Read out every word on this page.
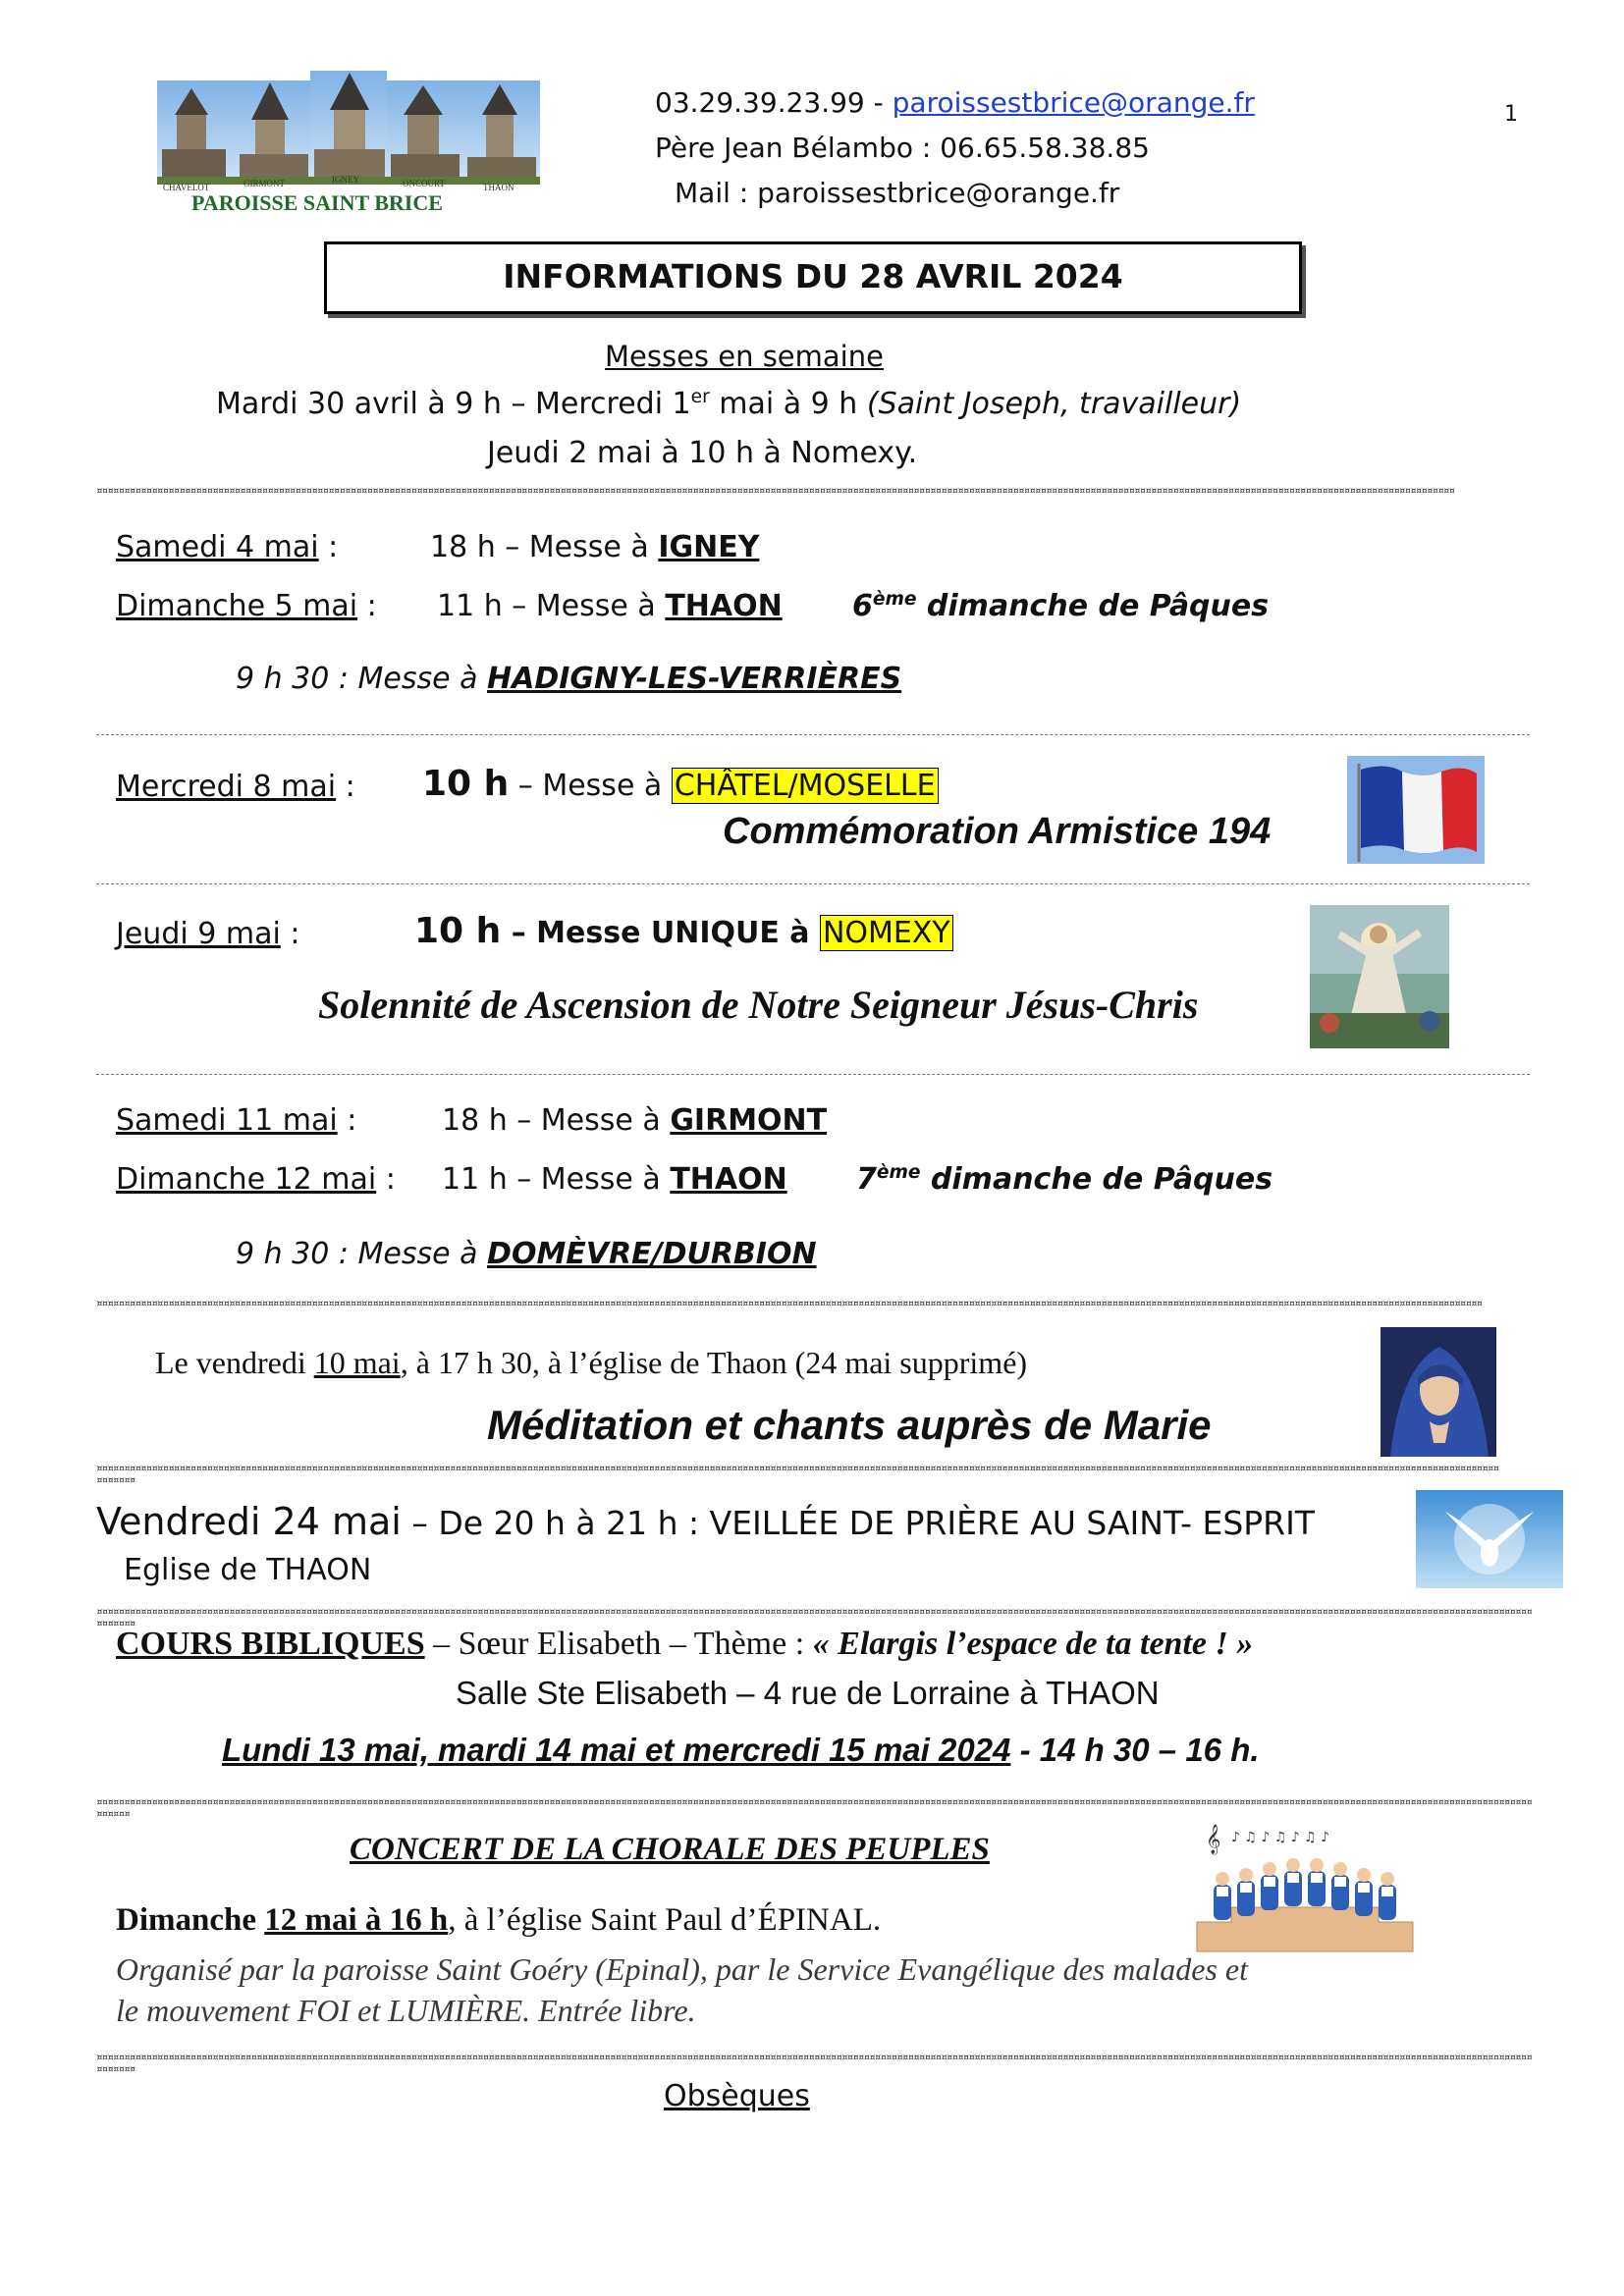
CHAVELOT	GIRMONT	IGNEY	ONCOURT	THAON
PAROISSE SAINT BRICE
03.29.39.23.99 - paroissestbrice@orange.fr
Père Jean Bélambo : 06.65.58.38.85
Mail : paroissestbrice@orange.fr
1
INFORMATIONS DU 28 AVRIL 2024
Messes en semaine
Mardi 30 avril à 9 h – Mercredi 1er mai à 9 h (Saint Joseph, travailleur)
Jeudi 2 mai à 10 h à Nomexy.
¤¤¤¤¤¤¤¤¤¤¤¤¤¤¤¤¤¤¤¤¤¤¤¤¤¤¤¤¤¤¤¤¤¤¤¤¤¤¤¤¤¤¤¤¤¤¤¤¤¤¤¤¤¤¤¤¤¤¤¤¤¤¤¤¤¤¤¤¤¤¤¤¤¤¤¤¤¤¤¤¤¤¤¤¤¤¤¤¤¤¤¤¤¤¤¤¤¤¤¤¤¤¤¤¤¤¤¤¤¤¤¤¤¤¤¤¤¤¤¤¤¤¤¤¤¤¤¤¤¤¤¤¤¤¤¤¤¤¤¤¤¤¤¤¤¤¤¤¤¤¤¤¤¤¤¤¤¤¤¤¤¤¤¤¤¤¤¤¤¤¤¤¤¤¤¤¤¤¤¤¤¤¤¤¤¤¤¤¤¤¤¤¤¤¤¤¤¤¤¤¤¤¤¤¤¤¤¤¤¤¤¤¤¤¤¤¤¤¤¤¤¤¤¤¤¤¤¤¤¤¤¤¤¤¤¤¤¤¤¤¤¤¤¤¤¤
Samedi 4 mai :	18 h – Messe à IGNEY
Dimanche 5 mai : 11 h – Messe à THAON 6ème dimanche de Pâques
9 h 30 : Messe à HADIGNY-LES-VERRIÈRES
Mercredi 8 mai : 10 h – Messe à CHÂTEL/MOSELLE
Commémoration Armistice 194
Jeudi 9 mai :	10 h – Messe UNIQUE à NOMEXY
Solennité de Ascension de Notre Seigneur Jésus-Chris
Samedi 11 mai :	18 h – Messe à GIRMONT
Dimanche 12 mai : 11 h – Messe à THAON 7ème dimanche de Pâques
9 h 30 : Messe à DOMÈVRE/DURBION
¤¤¤¤¤¤¤¤¤¤¤¤¤¤¤¤¤¤¤¤¤¤¤¤¤¤¤¤¤¤¤¤¤¤¤¤¤¤¤¤¤¤¤¤¤¤¤¤¤¤¤¤¤¤¤¤¤¤¤¤¤¤¤¤¤¤¤¤¤¤¤¤¤¤¤¤¤¤¤¤¤¤¤¤¤¤¤¤¤¤¤¤¤¤¤¤¤¤¤¤¤¤¤¤¤¤¤¤¤¤¤¤¤¤¤¤¤¤¤¤¤¤¤¤¤¤¤¤¤¤¤¤¤¤¤¤¤¤¤¤¤¤¤¤¤¤¤¤¤¤¤¤¤¤¤¤¤¤¤¤¤¤¤¤¤¤¤¤¤¤¤¤¤¤¤¤¤¤¤¤¤¤¤¤¤¤¤¤¤¤¤¤¤¤¤¤¤¤¤¤¤¤¤¤¤¤¤¤¤¤¤¤¤¤¤¤¤¤¤¤¤¤¤¤¤¤¤¤¤¤¤¤¤¤¤¤¤¤¤¤¤¤¤¤¤¤¤¤¤¤¤
Le vendredi 10 mai, à 17 h 30, à l’église de Thaon (24 mai supprimé)
Méditation et chants auprès de Marie
¤¤¤¤¤¤¤¤¤¤¤¤¤¤¤¤¤¤¤¤¤¤¤¤¤¤¤¤¤¤¤¤¤¤¤¤¤¤¤¤¤¤¤¤¤¤¤¤¤¤¤¤¤¤¤¤¤¤¤¤¤¤¤¤¤¤¤¤¤¤¤¤¤¤¤¤¤¤¤¤¤¤¤¤¤¤¤¤¤¤¤¤¤¤¤¤¤¤¤¤¤¤¤¤¤¤¤¤¤¤¤¤¤¤¤¤¤¤¤¤¤¤¤¤¤¤¤¤¤¤¤¤¤¤¤¤¤¤¤¤¤¤¤¤¤¤¤¤¤¤¤¤¤¤¤¤¤¤¤¤¤¤¤¤¤¤¤¤¤¤¤¤¤¤¤¤¤¤¤¤¤¤¤¤¤¤¤¤¤¤¤¤¤¤¤¤¤¤¤¤¤¤¤¤¤¤¤¤¤¤¤¤¤¤¤¤¤¤¤¤¤¤¤¤¤¤¤¤¤¤¤¤¤¤¤¤¤¤¤¤¤¤¤¤¤¤¤¤¤¤¤¤¤¤¤¤¤¤¤¤¤
Vendredi 24 mai – De 20 h à 21 h : VEILLÉE DE PRIÈRE AU SAINT- ESPRIT
Eglise de THAON
¤¤¤¤¤¤¤¤¤¤¤¤¤¤¤¤¤¤¤¤¤¤¤¤¤¤¤¤¤¤¤¤¤¤¤¤¤¤¤¤¤¤¤¤¤¤¤¤¤¤¤¤¤¤¤¤¤¤¤¤¤¤¤¤¤¤¤¤¤¤¤¤¤¤¤¤¤¤¤¤¤¤¤¤¤¤¤¤¤¤¤¤¤¤¤¤¤¤¤¤¤¤¤¤¤¤¤¤¤¤¤¤¤¤¤¤¤¤¤¤¤¤¤¤¤¤¤¤¤¤¤¤¤¤¤¤¤¤¤¤¤¤¤¤¤¤¤¤¤¤¤¤¤¤¤¤¤¤¤¤¤¤¤¤¤¤¤¤¤¤¤¤¤¤¤¤¤¤¤¤¤¤¤¤¤¤¤¤¤¤¤¤¤¤¤¤¤¤¤¤¤¤¤¤¤¤¤¤¤¤¤¤¤¤¤¤¤¤¤¤¤¤¤¤¤¤¤¤¤¤¤¤¤¤¤¤¤¤¤¤¤¤¤¤¤¤¤¤¤¤¤¤¤¤¤¤¤¤¤¤¤¤¤¤¤¤¤
COURS BIBLIQUES – Sœur Elisabeth – Thème : « Elargis l’espace de ta tente ! »
Salle Ste Elisabeth – 4 rue de Lorraine à THAON
Lundi 13 mai, mardi 14 mai et mercredi 15 mai 2024 - 14 h 30 – 16 h.
¤¤¤¤¤¤¤¤¤¤¤¤¤¤¤¤¤¤¤¤¤¤¤¤¤¤¤¤¤¤¤¤¤¤¤¤¤¤¤¤¤¤¤¤¤¤¤¤¤¤¤¤¤¤¤¤¤¤¤¤¤¤¤¤¤¤¤¤¤¤¤¤¤¤¤¤¤¤¤¤¤¤¤¤¤¤¤¤¤¤¤¤¤¤¤¤¤¤¤¤¤¤¤¤¤¤¤¤¤¤¤¤¤¤¤¤¤¤¤¤¤¤¤¤¤¤¤¤¤¤¤¤¤¤¤¤¤¤¤¤¤¤¤¤¤¤¤¤¤¤¤¤¤¤¤¤¤¤¤¤¤¤¤¤¤¤¤¤¤¤¤¤¤¤¤¤¤¤¤¤¤¤¤¤¤¤¤¤¤¤¤¤¤¤¤¤¤¤¤¤¤¤¤¤¤¤¤¤¤¤¤¤¤¤¤¤¤¤¤¤¤¤¤¤¤¤¤¤¤¤¤¤¤¤¤¤¤¤¤¤¤¤¤¤¤¤¤¤¤¤¤¤¤¤¤¤¤¤¤¤¤¤¤¤¤¤
CONCERT DE LA CHORALE DES PEUPLES	𝄞 ♪ ♫ ♪ ♫ ♪ ♫ ♪
Dimanche 12 mai à 16 h, à l’église Saint Paul d’ÉPINAL.
Organisé par la paroisse Saint Goéry (Epinal), par le Service Evangélique des malades et
le mouvement FOI et LUMIÈRE. Entrée libre.
¤¤¤¤¤¤¤¤¤¤¤¤¤¤¤¤¤¤¤¤¤¤¤¤¤¤¤¤¤¤¤¤¤¤¤¤¤¤¤¤¤¤¤¤¤¤¤¤¤¤¤¤¤¤¤¤¤¤¤¤¤¤¤¤¤¤¤¤¤¤¤¤¤¤¤¤¤¤¤¤¤¤¤¤¤¤¤¤¤¤¤¤¤¤¤¤¤¤¤¤¤¤¤¤¤¤¤¤¤¤¤¤¤¤¤¤¤¤¤¤¤¤¤¤¤¤¤¤¤¤¤¤¤¤¤¤¤¤¤¤¤¤¤¤¤¤¤¤¤¤¤¤¤¤¤¤¤¤¤¤¤¤¤¤¤¤¤¤¤¤¤¤¤¤¤¤¤¤¤¤¤¤¤¤¤¤¤¤¤¤¤¤¤¤¤¤¤¤¤¤¤¤¤¤¤¤¤¤¤¤¤¤¤¤¤¤¤¤¤¤¤¤¤¤¤¤¤¤¤¤¤¤¤¤¤¤¤¤¤¤¤¤¤¤¤¤¤¤¤¤¤¤¤¤¤¤¤¤¤¤¤¤¤¤¤¤¤
Obsèques
